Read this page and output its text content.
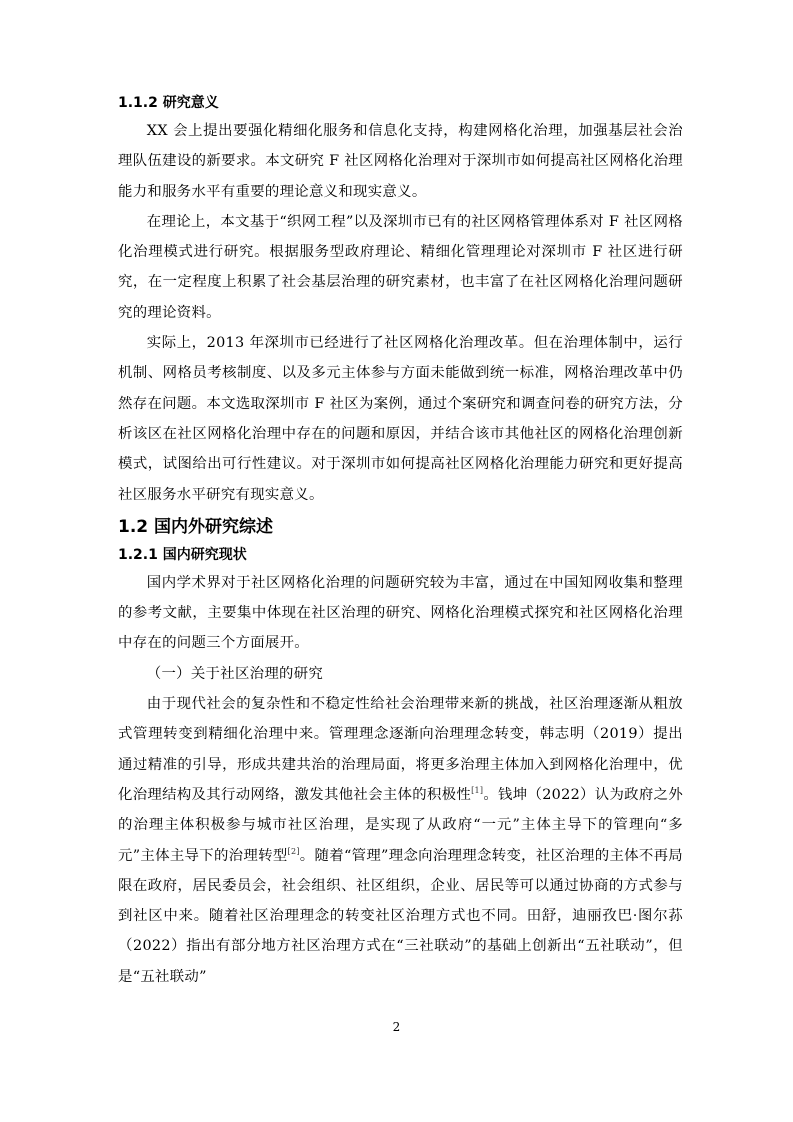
1.1.2 研究意义

XX 会上提出要强化精细化服务和信息化支持，构建网格化治理，加强基层社会治理队伍建设的新要求。本文研究 F 社区网格化治理对于深圳市如何提高社区网格化治理能力和服务水平有重要的理论意义和现实意义。

在理论上，本文基于“织网工程”以及深圳市已有的社区网格管理体系对 F 社区网格化治理模式进行研究。根据服务型政府理论、精细化管理理论对深圳市 F 社区进行研究，在一定程度上积累了社会基层治理的研究素材，也丰富了在社区网格化治理问题研究的理论资料。

实际上，2013 年深圳市已经进行了社区网格化治理改革。但在治理体制中，运行机制、网格员考核制度、以及多元主体参与方面未能做到统一标准，网格治理改革中仍然存在问题。本文选取深圳市 F 社区为案例，通过个案研究和调查问卷的研究方法，分析该区在社区网格化治理中存在的问题和原因，并结合该市其他社区的网格化治理创新模式，试图给出可行性建议。对于深圳市如何提高社区网格化治理能力研究和更好提高社区服务水平研究有现实意义。

1.2 国内外研究综述
1.2.1 国内研究现状

国内学术界对于社区网格化治理的问题研究较为丰富，通过在中国知网收集和整理的参考文献，主要集中体现在社区治理的研究、网格化治理模式探究和社区网格化治理中存在的问题三个方面展开。

（一）关于社区治理的研究

由于现代社会的复杂性和不稳定性给社会治理带来新的挑战，社区治理逐渐从粗放式管理转变到精细化治理中来。管理理念逐渐向治理理念转变，韩志明（2019）提出通过精准的引导，形成共建共治的治理局面，将更多治理主体加入到网格化治理中，优化治理结构及其行动网络，激发其他社会主体的积极性[1]。钱坤（2022）认为政府之外的治理主体积极参与城市社区治理，是实现了从政府“一元”主体主导下的管理向“多元”主体主导下的治理转型[2]。随着“管理”理念向治理理念转变，社区治理的主体不再局限在政府，居民委员会，社会组织、社区组织，企业、居民等可以通过协商的方式参与到社区中来。随着社区治理理念的转变社区治理方式也不同。田舒，迪丽孜巴·图尔荪（2022）指出有部分地方社区治理方式在“三社联动”的基础上创新出“五社联动”，但是“五社联动”

2
